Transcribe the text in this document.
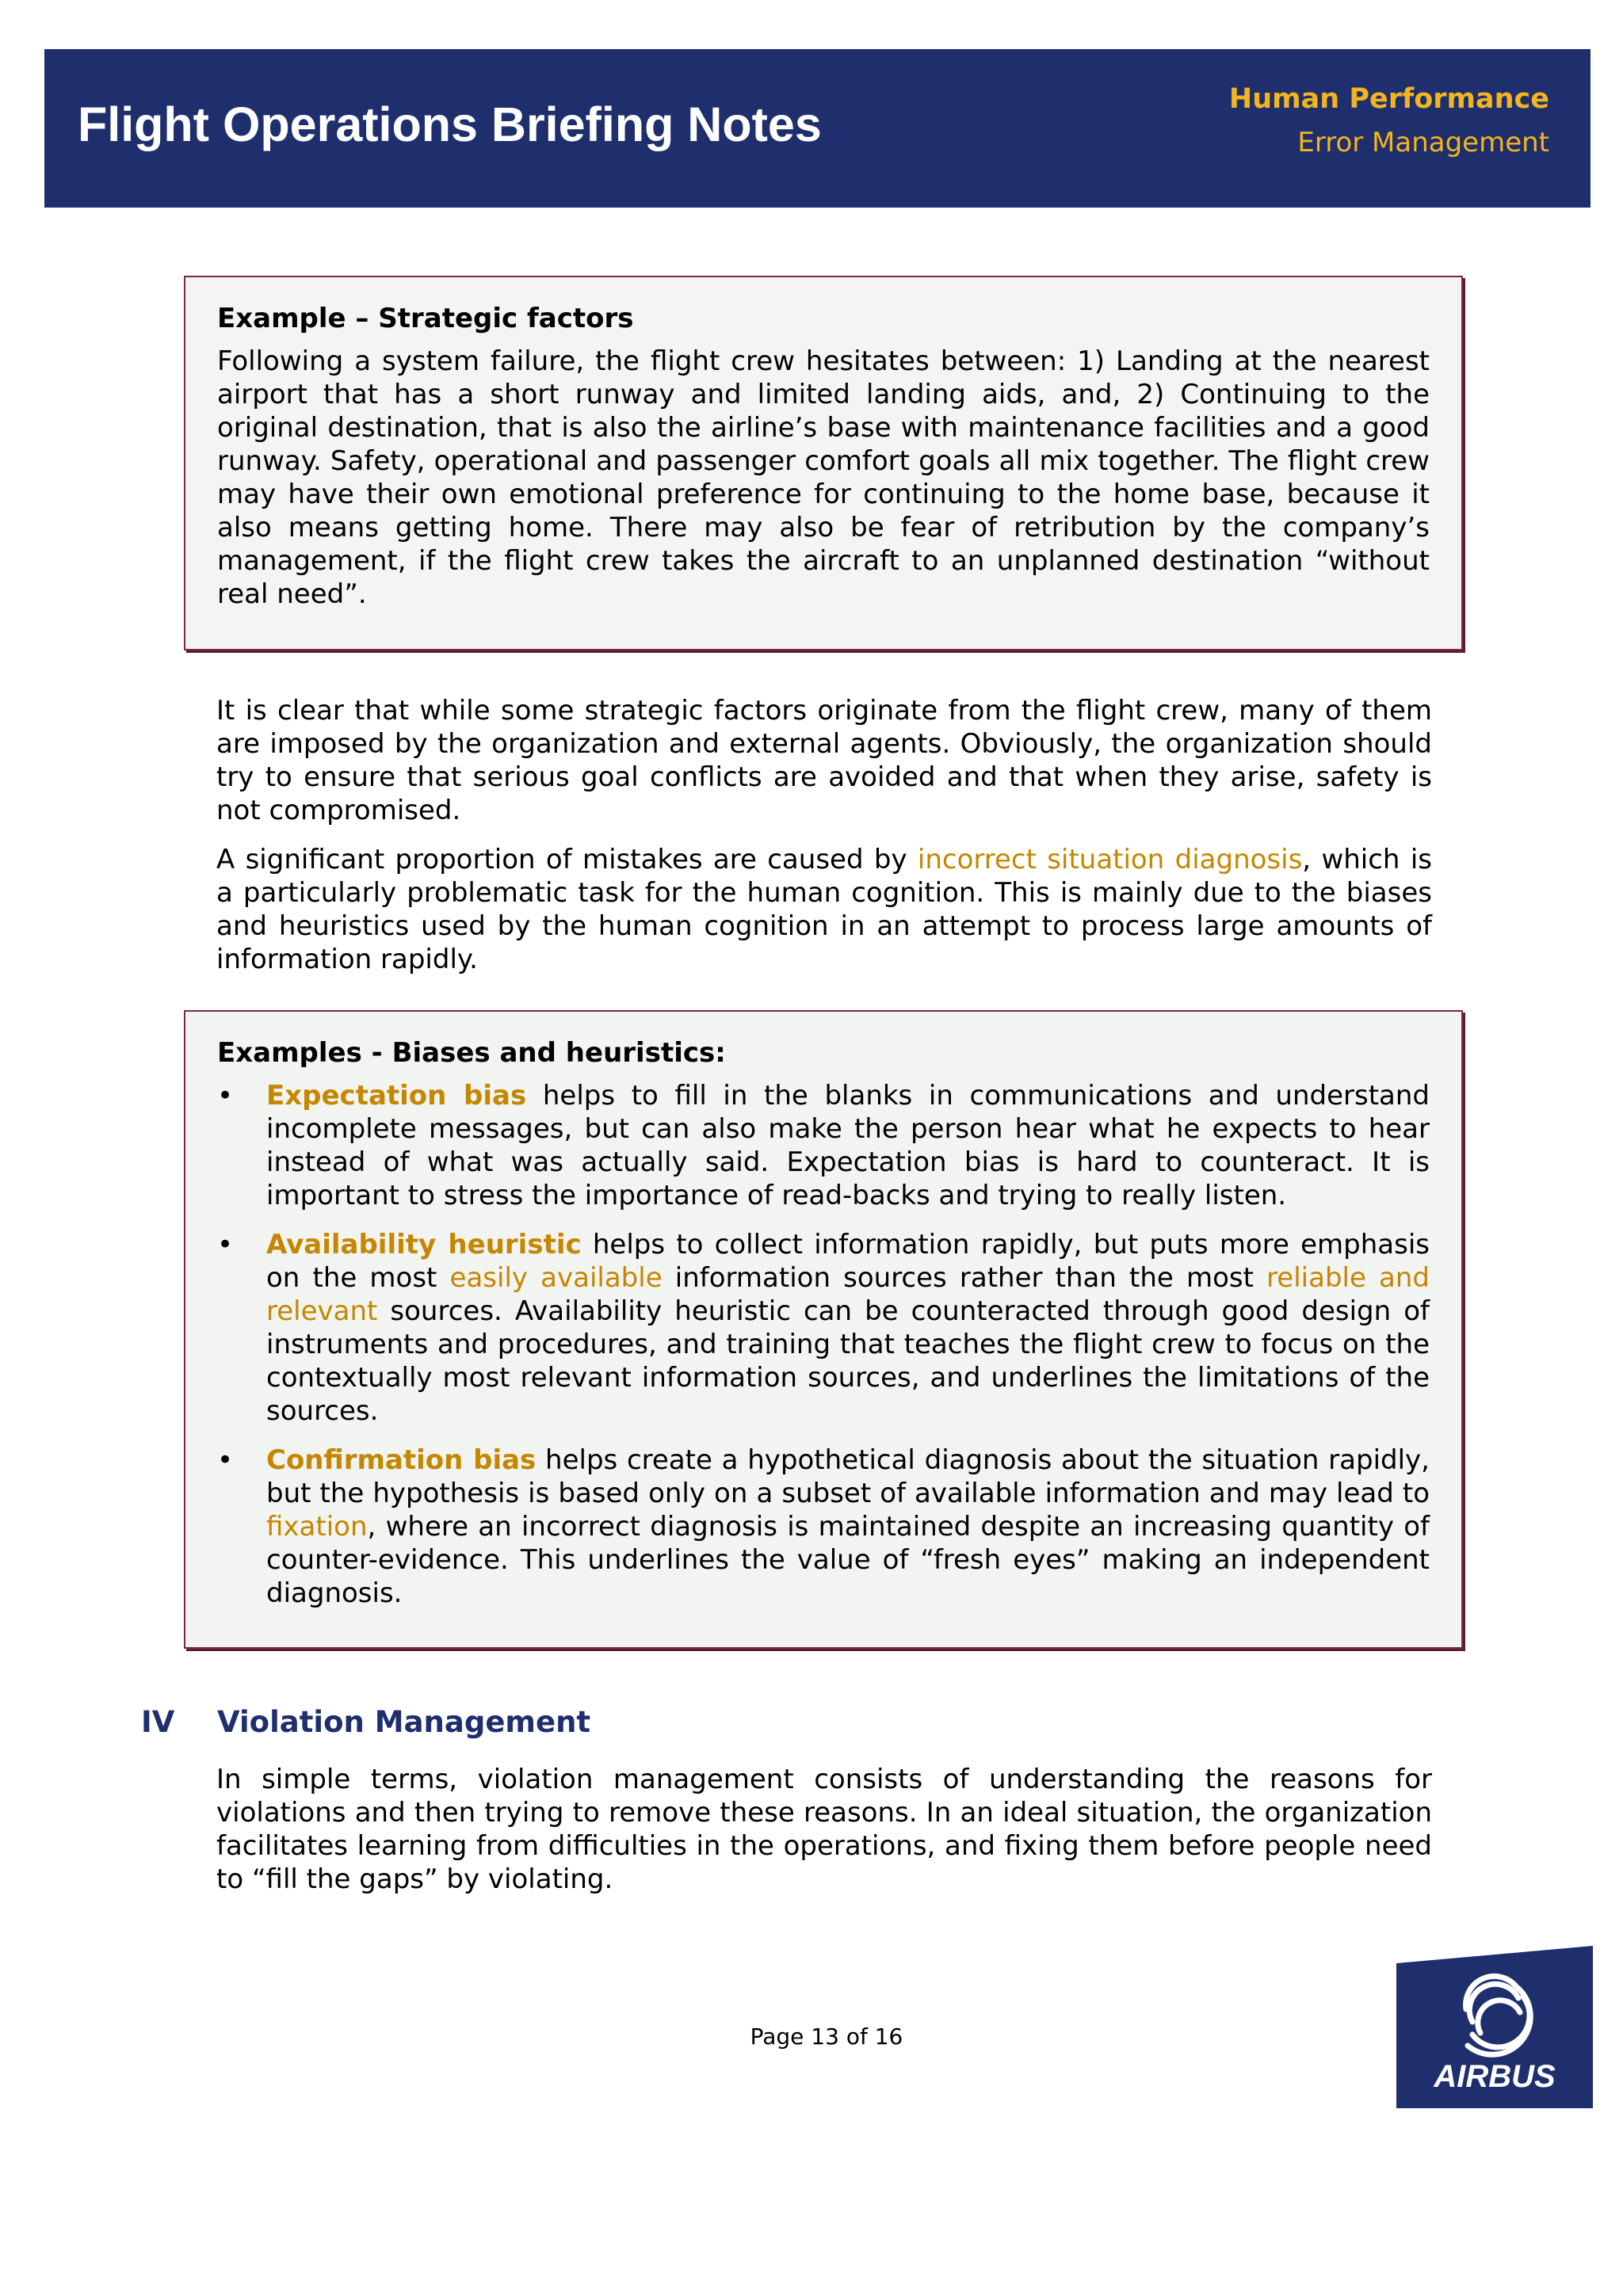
Flight Operations Briefing Notes	Human Performance
Error Management

Example – Strategic factors

Following a system failure, the flight crew hesitates between: 1) Landing at the nearest airport that has a short runway and limited landing aids, and, 2) Continuing to the original destination, that is also the airline’s base with maintenance facilities and a good runway. Safety, operational and passenger comfort goals all mix together. The flight crew may have their own emotional preference for continuing to the home base, because it also means getting home. There may also be fear of retribution by the company’s management, if the flight crew takes the aircraft to an unplanned destination “without real need”.

It is clear that while some strategic factors originate from the flight crew, many of them are imposed by the organization and external agents. Obviously, the organization should try to ensure that serious goal conflicts are avoided and that when they arise, safety is not compromised.

A significant proportion of mistakes are caused by incorrect situation diagnosis, which is a particularly problematic task for the human cognition. This is mainly due to the biases and heuristics used by the human cognition in an attempt to process large amounts of information rapidly.

Examples - Biases and heuristics:

• Expectation bias helps to fill in the blanks in communications and understand incomplete messages, but can also make the person hear what he expects to hear instead of what was actually said. Expectation bias is hard to counteract. It is important to stress the importance of read-backs and trying to really listen.

• Availability heuristic helps to collect information rapidly, but puts more emphasis on the most easily available information sources rather than the most reliable and relevant sources. Availability heuristic can be counteracted through good design of instruments and procedures, and training that teaches the flight crew to focus on the contextually most relevant information sources, and underlines the limitations of the sources.

• Confirmation bias helps create a hypothetical diagnosis about the situation rapidly, but the hypothesis is based only on a subset of available information and may lead to fixation, where an incorrect diagnosis is maintained despite an increasing quantity of counter-evidence. This underlines the value of “fresh eyes” making an independent diagnosis.

IV Violation Management

In simple terms, violation management consists of understanding the reasons for violations and then trying to remove these reasons. In an ideal situation, the organization facilitates learning from difficulties in the operations, and fixing them before people need to “fill the gaps” by violating.

Page 13 of 16
AIRBUS
